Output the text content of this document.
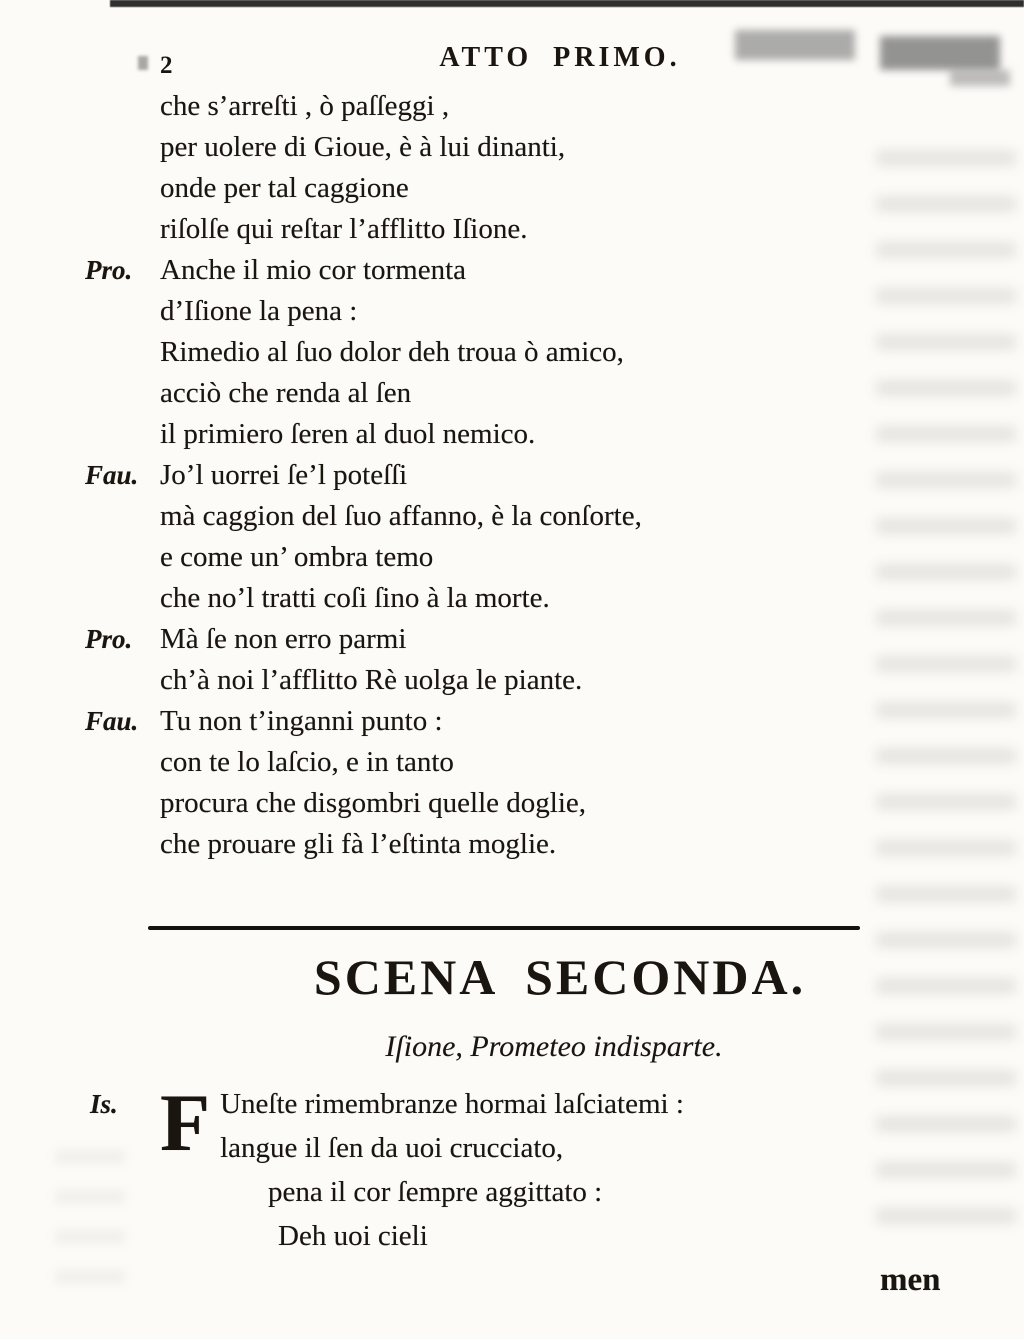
2	ATTO PRIMO.
che s’arreſti , ò paſſeggi ,
per uolere di Gioue, è à lui dinanti,
onde per tal caggione
riſolſe qui reſtar l’afflitto Iſione.
Pro. Anche il mio cor tormenta
d’Iſione la pena :
Rimedio al ſuo dolor deh troua ò amico,
acciò che renda al ſen
il primiero ſeren al duol nemico.
Fau. Jo’l uorrei ſe’l poteſſi
mà caggion del ſuo affanno, è la conſorte,
e come un’ ombra temo
che no’l tratti coſi ſino à la morte.
Pro. Mà ſe non erro parmi
ch’à noi l’afflitto Rè uolga le piante.
Fau. Tu non t’inganni punto :
con te lo laſcio, e in tanto
procura che disgombri quelle doglie,
che prouare gli fà l’eſtinta moglie.
SCENA SECONDA.
Iſione, Prometeo indisparte.
Is. F Uneſte rimembranze hormai laſciatemi :
langue il ſen da uoi crucciato,
pena il cor ſempre aggittato :
Deh uoi cieli
men
